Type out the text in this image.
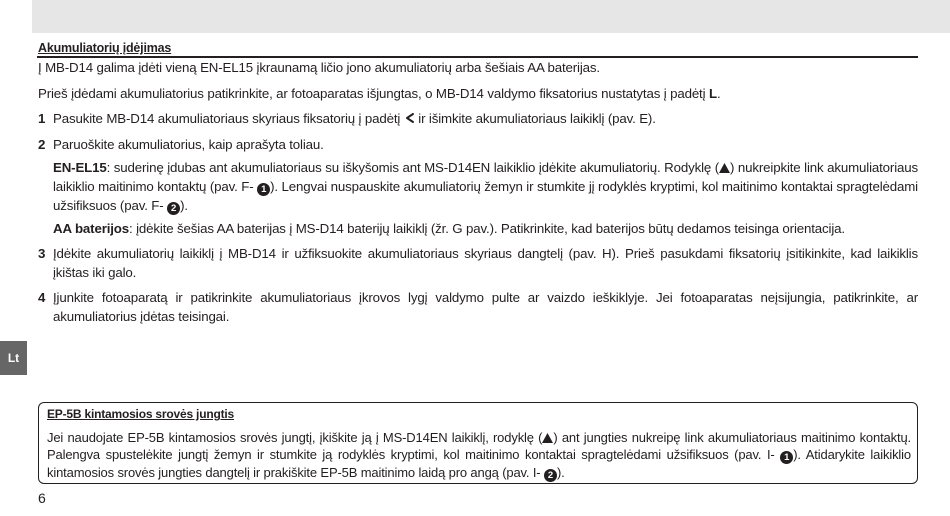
Akumuliatorių įdėjimas
Į MB-D14 galima įdėti vieną EN-EL15 įkraunamą ličio jono akumuliatorių arba šešiais AA baterijas.
Prieš įdėdami akumuliatorius patikrinkite, ar fotoaparatas išjungtas, o MB-D14 valdymo fiksatorius nustatytas į padėtį L.
1 Pasukite MB-D14 akumuliatoriaus skyriaus fiksatorių į padėtį  ir išimkite akumuliatoriaus laikiklį (pav. E).
2 Paruoškite akumuliatorius, kaip aprašyta toliau.
EN-EL15: suderinę įdubas ant akumuliatoriaus su iškyšomis ant MS-D14EN laikiklio įdėkite akumuliatorių. Rodyklę ( ) nukreipkite link akumuliatoriaus laikiklio maitinimo kontaktų (pav. F- 1 ). Lengvai nuspauskite akumuliatorių žemyn ir stumkite jį rodyklės kryptimi, kol maitinimo kontaktai spragtelėdami užsifiksuos (pav. F- 2 ).
AA baterijos: įdėkite šešias AA baterijas į MS-D14 baterijų laikiklį (žr. G pav.). Patikrinkite, kad baterijos būtų dedamos teisinga orientacija.
3 Įdėkite akumuliatorių laikiklį į MB-D14 ir užfiksuokite akumuliatoriaus skyriaus dangtelį (pav. H). Prieš pasukdami fiksatorių įsitikinkite, kad laikiklis įkištas iki galo.
4 Įjunkite fotoaparatą ir patikrinkite akumuliatoriaus įkrovos lygį valdymo pulte ar vaizdo ieškiklyje. Jei fotoaparatas neįsijungia, patikrinkite, ar akumuliatorius įdėtas teisingai.
Lt
EP-5B kintamosios srovės jungtis
Jei naudojate EP-5B kintamosios srovės jungtį, įkiškite ją į MS-D14EN laikiklį, rodyklę ( ) ant jungties nukreipę link akumuliatoriaus maitinimo kontaktų. Palengva spustelėkite jungtį žemyn ir stumkite ją rodyklės kryptimi, kol maitinimo kontaktai spragtelėdami užsifiksuos (pav. I- 1 ). Atidarykite laikiklio kintamosios srovės jungties dangtelį ir prakiškite EP-5B maitinimo laidą pro angą (pav. I- 2 ).
6
